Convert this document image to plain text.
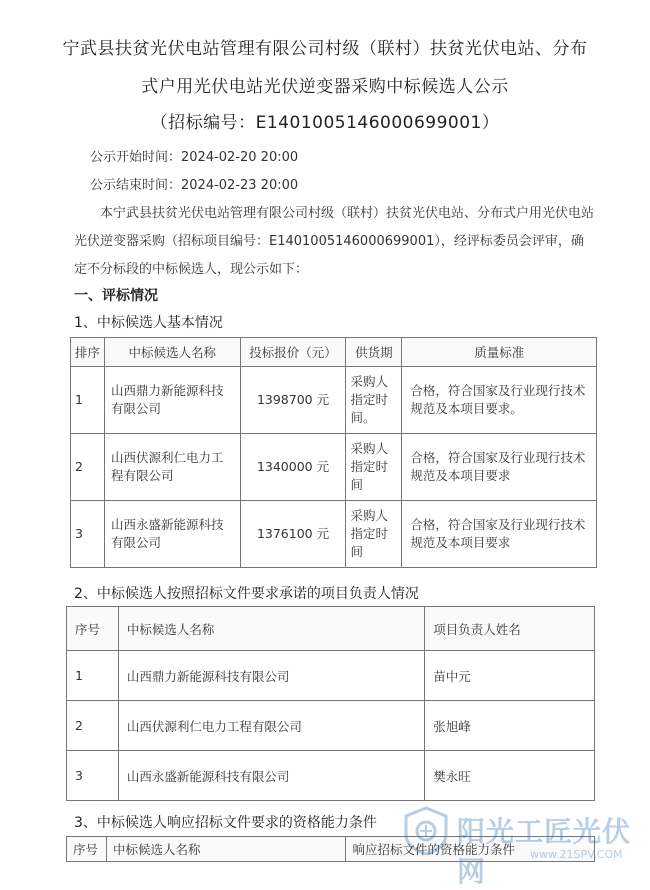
宁武县扶贫光伏电站管理有限公司村级（联村）扶贫光伏电站、分布
式户用光伏电站光伏逆变器采购中标候选人公示
（招标编号：E1401005146000699001）
公示开始时间：2024-02-20 20:00
公示结束时间：2024-02-23 20:00
本宁武县扶贫光伏电站管理有限公司村级（联村）扶贫光伏电站、分布式户用光伏电站光伏逆变器采购（招标项目编号：E1401005146000699001），经评标委员会评审，确定不分标段的中标候选人，现公示如下：
一、评标情况
1、中标候选人基本情况
排序	中标候选人名称	投标报价（元）	供货期	质量标准
1	山西鼎力新能源科技有限公司	1398700 元	采购人指定时间。	合格，符合国家及行业现行技术规范及本项目要求。
2	山西伏源利仁电力工程有限公司	1340000 元	采购人指定时间	合格，符合国家及行业现行技术规范及本项目要求
3	山西永盛新能源科技有限公司	1376100 元	采购人指定时间	合格，符合国家及行业现行技术规范及本项目要求
2、中标候选人按照招标文件要求承诺的项目负责人情况
序号	中标候选人名称	项目负责人姓名
1	山西鼎力新能源科技有限公司	苗中元
2	山西伏源利仁电力工程有限公司	张旭峰
3	山西永盛新能源科技有限公司	樊永旺
3、中标候选人响应招标文件要求的资格能力条件
序号	中标候选人名称	响应招标文件的资格能力条件
阳光工匠光伏网
www.21SPV.COM
